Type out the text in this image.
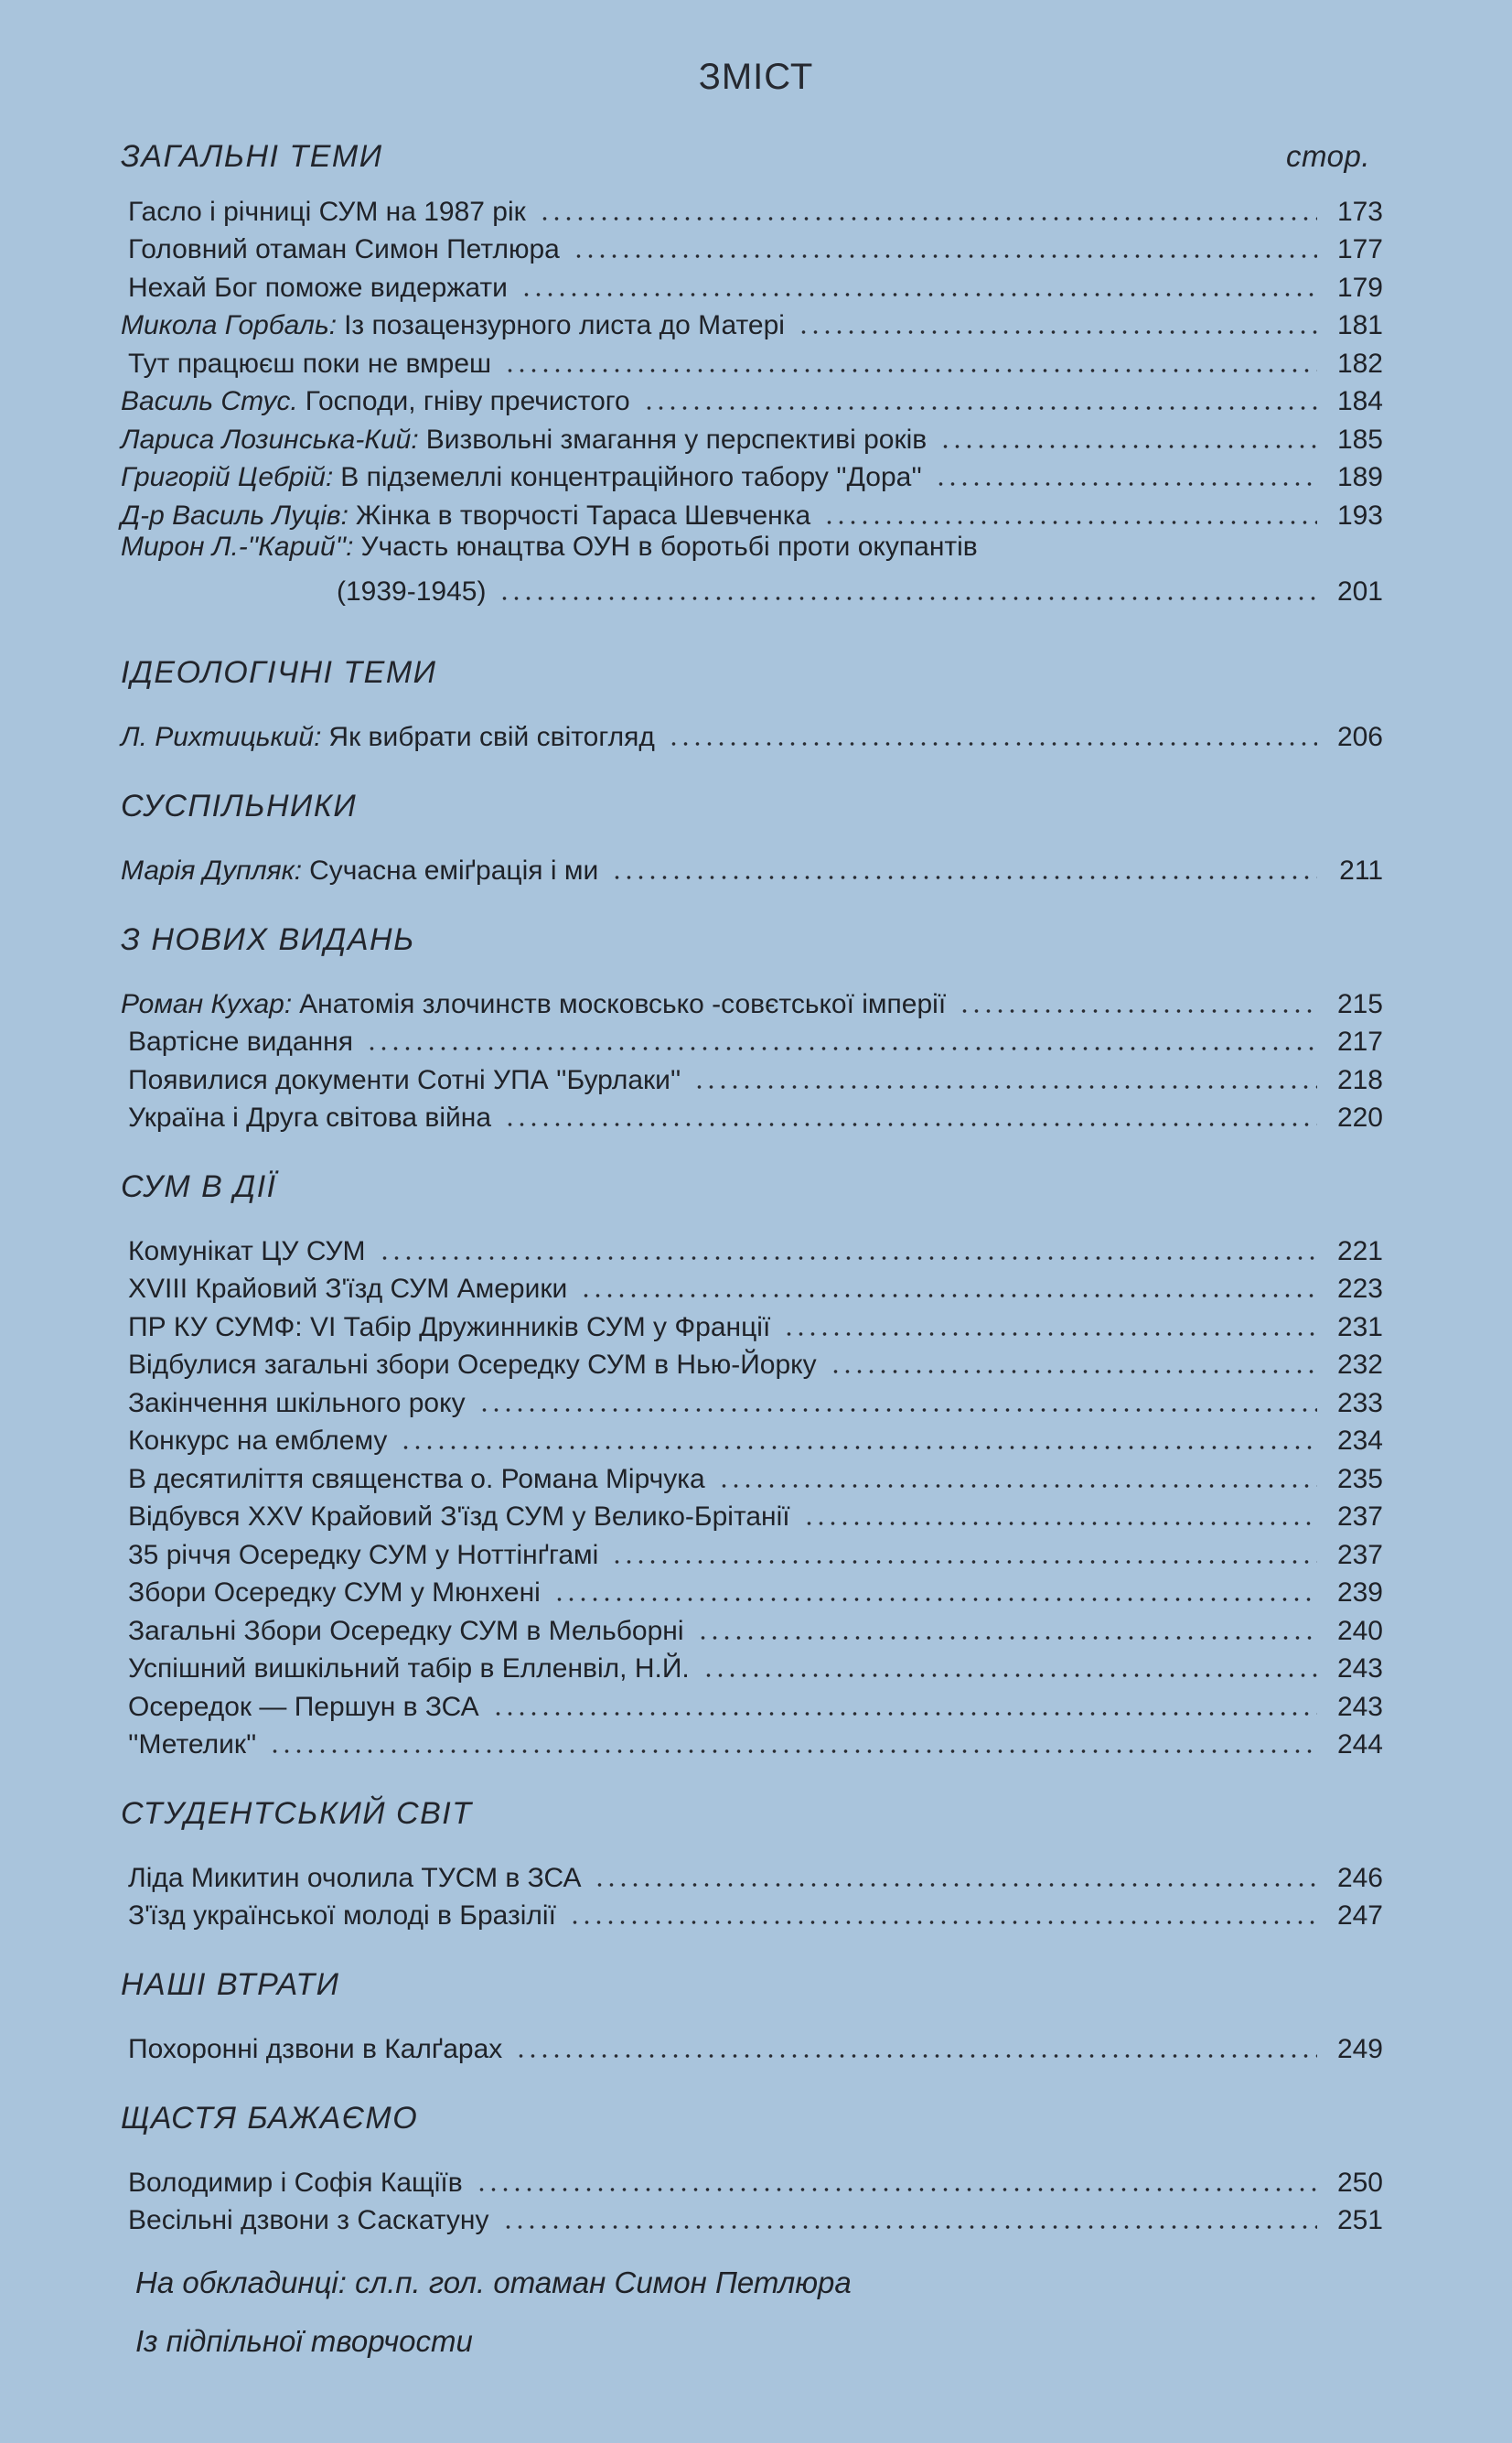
ЗМІСТ
ЗАГАЛЬНІ ТЕМИ	стор.
Гасло і річниці СУМ на 1987 рік	173
Головний отаман Симон Петлюра	177
Нехай Бог поможе видержати	179
Микола Горбаль: Із позацензурного листа до Матері	181
Тут працюєш поки не вмреш	182
Василь Стус. Господи, гніву пречистого	184
Лариса Лозинська-Кий: Визвольні змагання у перспективі років	185
Григорій Цебрій: В підземеллі концентраційного табору ''Дора''	189
Д-р Василь Луців: Жінка в творчості Тараса Шевченка	193
Мирон Л.-''Карий'': Участь юнацтва ОУН в боротьбі проти окупантів
(1939-1945)	201
ІДЕОЛОГІЧНІ ТЕМИ
Л. Рихтицький: Як вибрати свій світогляд	206
СУСПІЛЬНИКИ
Марія Дупляк: Сучасна еміґрація і ми	211
З НОВИХ ВИДАНЬ
Роман Кухар: Анатомія злочинств московсько -совєтської імперії	215
Вартісне видання	217
Появилися документи Сотні УПА ''Бурлаки''	218
Україна і Друга світова війна	220
СУМ В ДІЇ
Комунікат ЦУ СУМ	221
XVIII Крайовий З'їзд СУМ Америки	223
ПР КУ СУМФ: VI Табір Дружинників СУМ у Франції	231
Відбулися загальні збори Осередку СУМ в Нью-Йорку	232
Закінчення шкільного року	233
Конкурс на емблему	234
В десятиліття священства о. Романа Мірчука	235
Відбувся XXV Крайовий З'їзд СУМ у Велико-Брітанії	237
35 річчя Осередку СУМ у Ноттінґгамі	237
Збори Осередку СУМ у Мюнхені	239
Загальні Збори Осередку СУМ в Мельборні	240
Успішний вишкільний табір в Елленвіл, Н.Й.	243
Осередок — Першун в ЗСА	243
''Метелик''	244
СТУДЕНТСЬКИЙ СВІТ
Ліда Микитин очолила ТУСМ в ЗСА	246
З'їзд української молоді в Бразілії	247
НАШІ ВТРАТИ
Похоронні дзвони в Калґарах	249
ЩАСТЯ БАЖАЄМО
Володимир і Софія Кащіїв	250
Весільні дзвони з Саскатуну	251
На обкладинці: сл.п. гол. отаман Симон Петлюра
Із підпільної творчости
